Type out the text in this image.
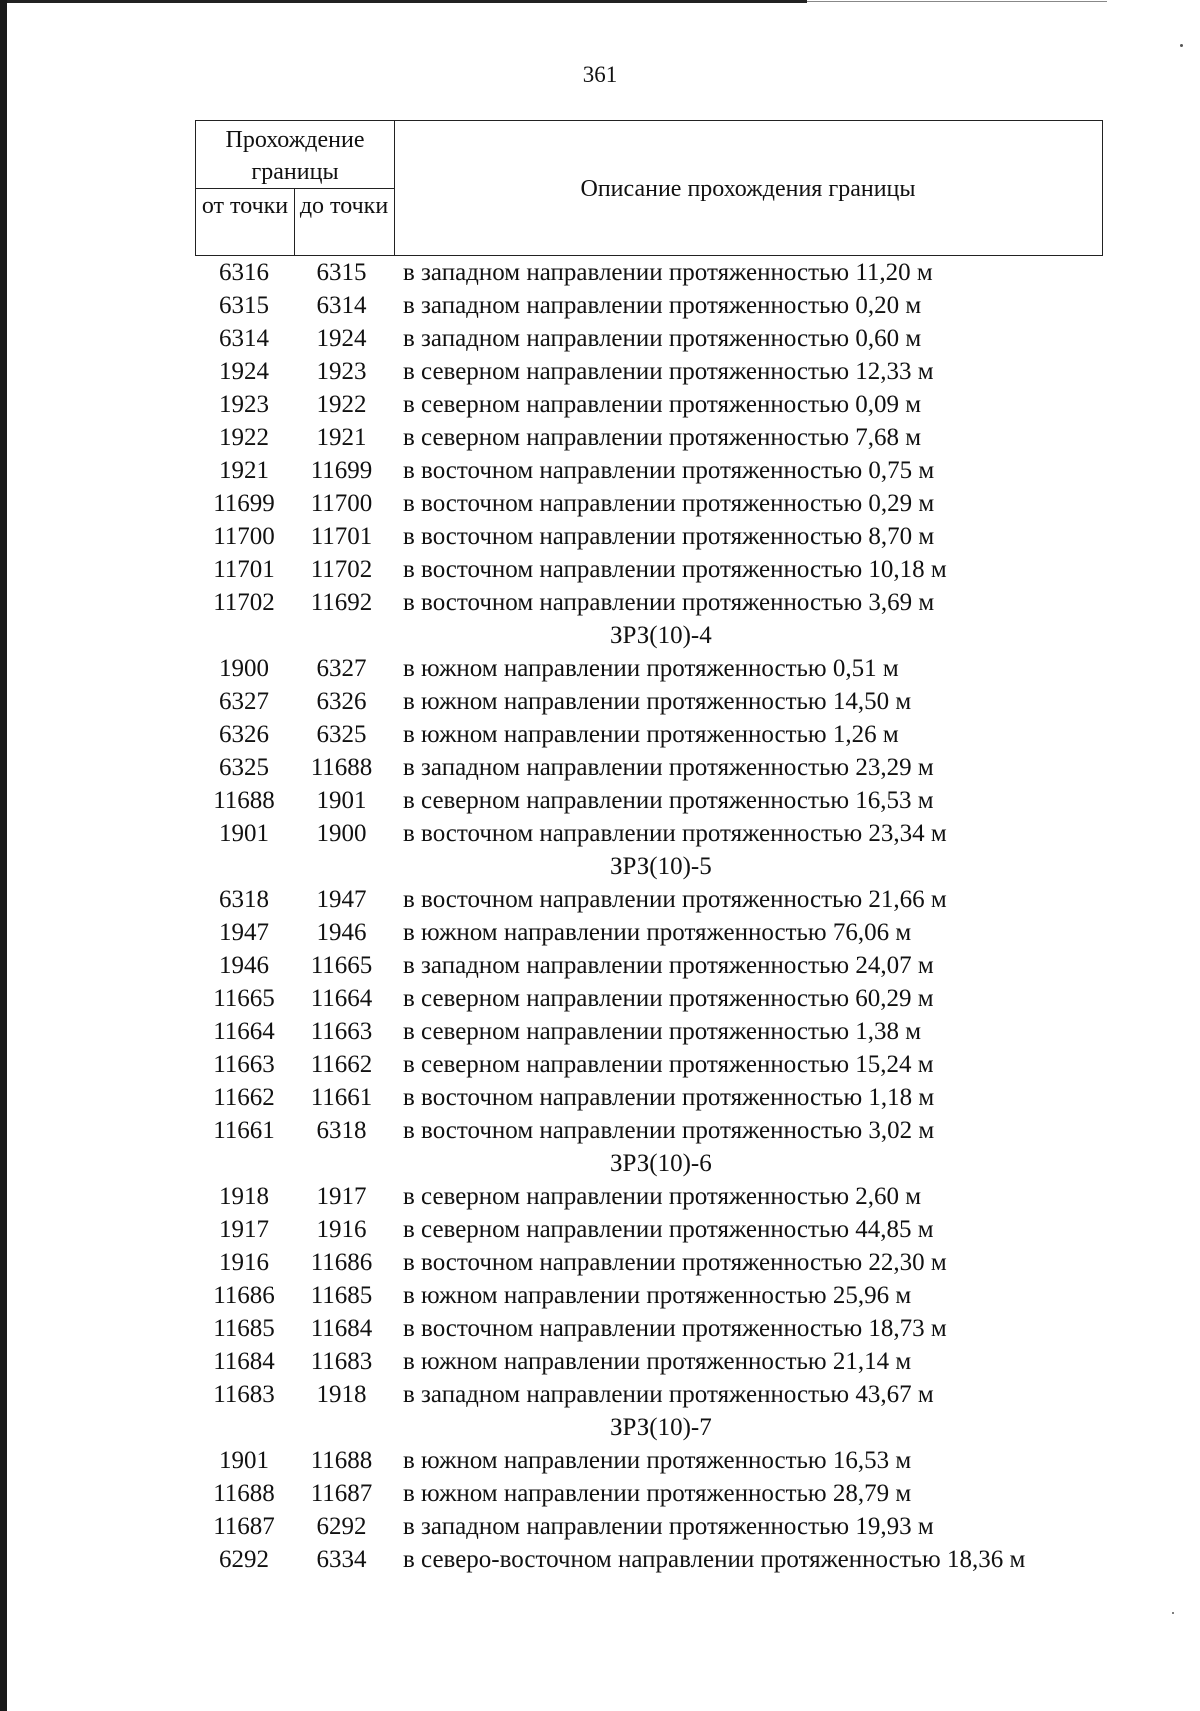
361
Прохождение границы
от точки до точки
Описание прохождения границы
6316	6315	в западном направлении протяженностью 11,20 м
6315	6314	в западном направлении протяженностью 0,20 м
6314	1924	в западном направлении протяженностью 0,60 м
1924	1923	в северном направлении протяженностью 12,33 м
1923	1922	в северном направлении протяженностью 0,09 м
1922	1921	в северном направлении протяженностью 7,68 м
1921	11699	в восточном направлении протяженностью 0,75 м
11699	11700	в восточном направлении протяженностью 0,29 м
11700	11701	в восточном направлении протяженностью 8,70 м
11701	11702	в восточном направлении протяженностью 10,18 м
11702	11692	в восточном направлении протяженностью 3,69 м
ЗРЗ(10)-4
1900	6327	в южном направлении протяженностью 0,51 м
6327	6326	в южном направлении протяженностью 14,50 м
6326	6325	в южном направлении протяженностью 1,26 м
6325	11688	в западном направлении протяженностью 23,29 м
11688	1901	в северном направлении протяженностью 16,53 м
1901	1900	в восточном направлении протяженностью 23,34 м
ЗРЗ(10)-5
6318	1947	в восточном направлении протяженностью 21,66 м
1947	1946	в южном направлении протяженностью 76,06 м
1946	11665	в западном направлении протяженностью 24,07 м
11665	11664	в северном направлении протяженностью 60,29 м
11664	11663	в северном направлении протяженностью 1,38 м
11663	11662	в северном направлении протяженностью 15,24 м
11662	11661	в восточном направлении протяженностью 1,18 м
11661	6318	в восточном направлении протяженностью 3,02 м
ЗРЗ(10)-6
1918	1917	в северном направлении протяженностью 2,60 м
1917	1916	в северном направлении протяженностью 44,85 м
1916	11686	в восточном направлении протяженностью 22,30 м
11686	11685	в южном направлении протяженностью 25,96 м
11685	11684	в восточном направлении протяженностью 18,73 м
11684	11683	в южном направлении протяженностью 21,14 м
11683	1918	в западном направлении протяженностью 43,67 м
ЗРЗ(10)-7
1901	11688	в южном направлении протяженностью 16,53 м
11688	11687	в южном направлении протяженностью 28,79 м
11687	6292	в западном направлении протяженностью 19,93 м
6292	6334	в северо-восточном направлении протяженностью 18,36 м
